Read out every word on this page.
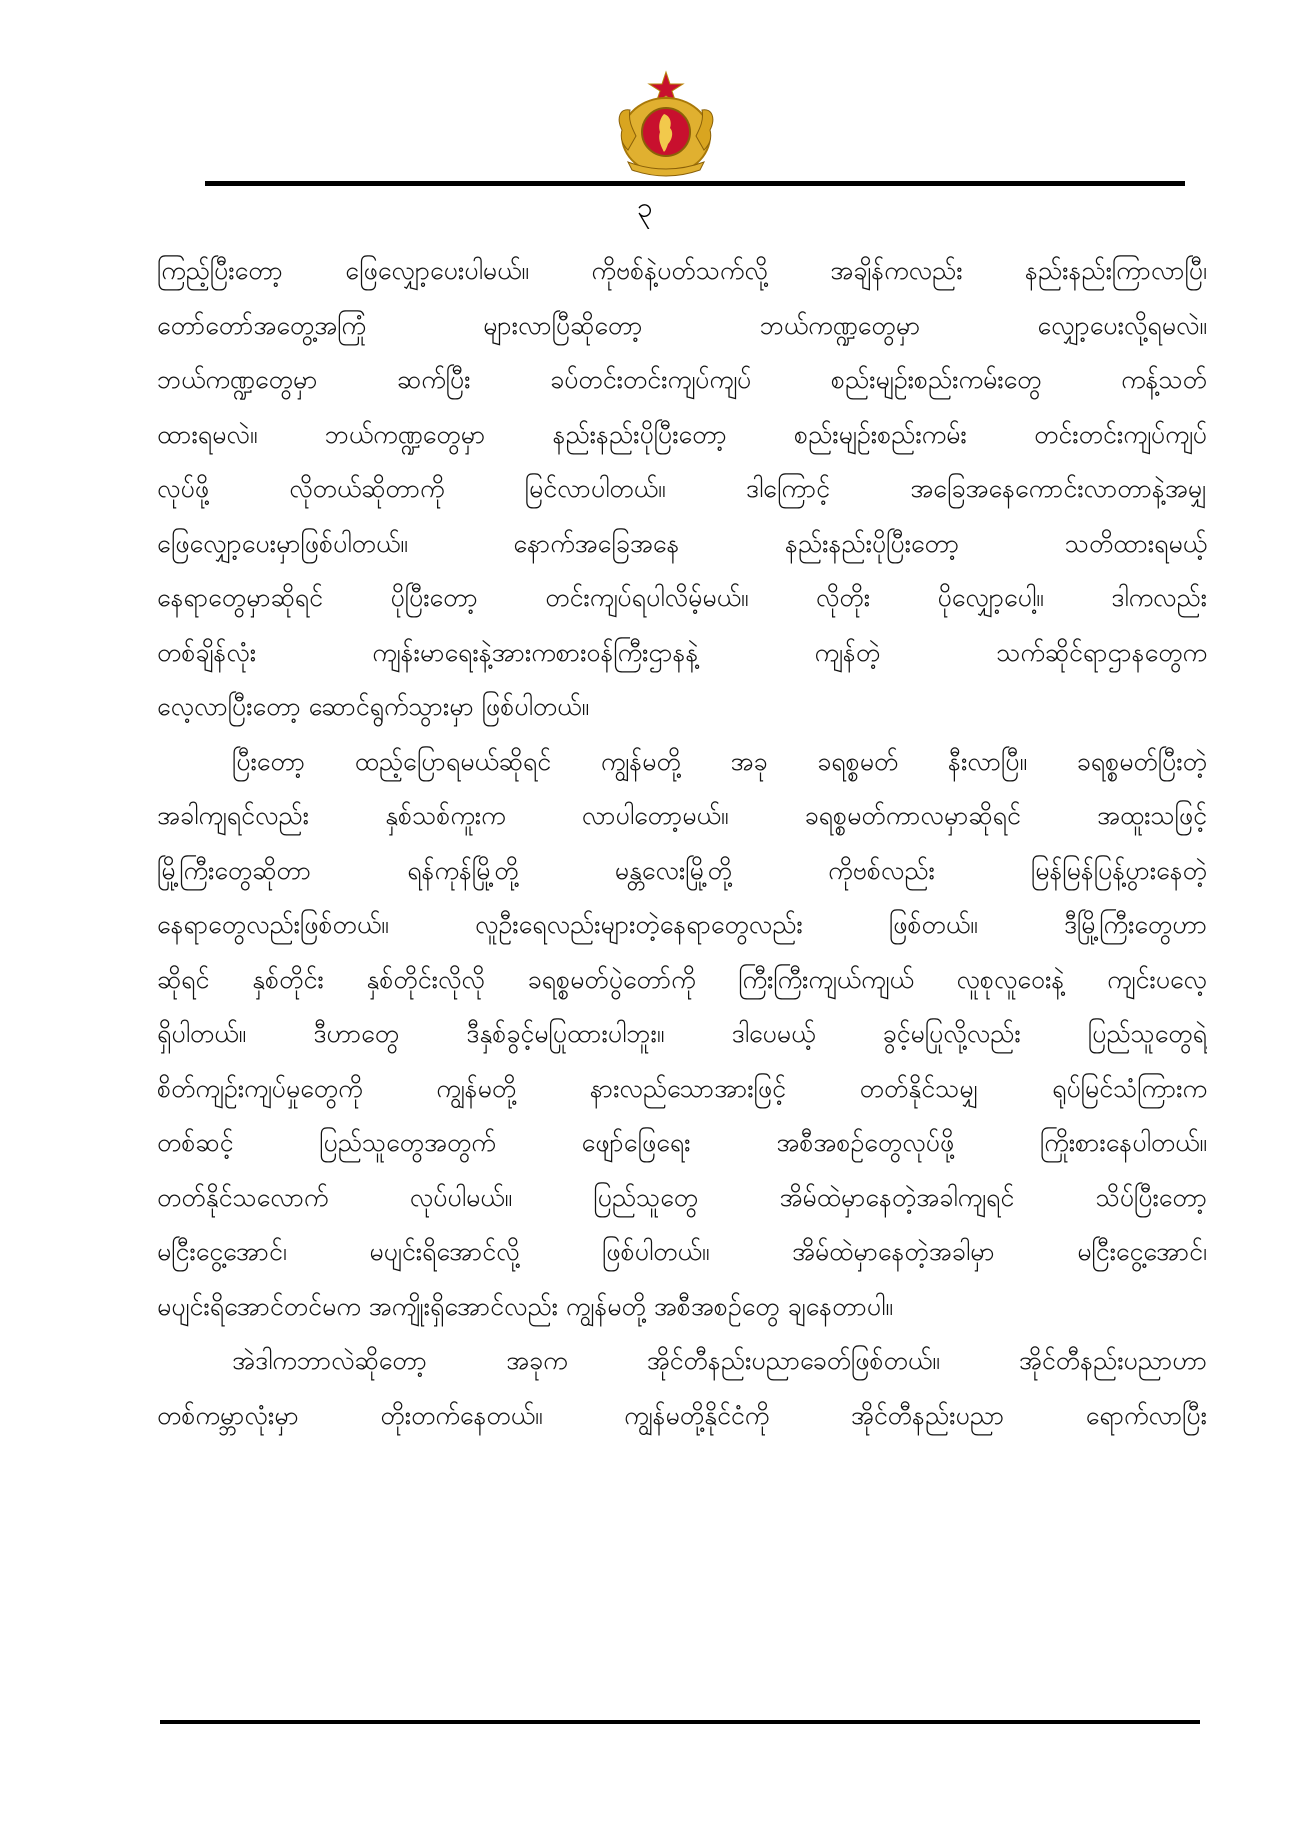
၃

ကြည့်ပြီးတော့ ဖြေလျှော့ပေးပါမယ်။ ကိုဗစ်နဲ့ပတ်သက်လို့ အချိန်ကလည်း နည်းနည်းကြာလာပြီ၊
တော်တော်အတွေ့အကြုံ များလာပြီဆိုတော့ ဘယ်ကဏ္ဍတွေမှာ လျှော့ပေးလို့ရမလဲ။
ဘယ်ကဏ္ဍတွေမှာ ဆက်ပြီး ခပ်တင်းတင်းကျပ်ကျပ် စည်းမျဉ်းစည်းကမ်းတွေ ကန့်သတ်
ထားရမလဲ။ ဘယ်ကဏ္ဍတွေမှာ နည်းနည်းပိုပြီးတော့ စည်းမျဉ်းစည်းကမ်း တင်းတင်းကျပ်ကျပ်
လုပ်ဖို့ လိုတယ်ဆိုတာကို မြင်လာပါတယ်။ ဒါကြောင့် အခြေအနေကောင်းလာတာနဲ့အမျှ
ဖြေလျှော့ပေးမှာဖြစ်ပါတယ်။ နောက်အခြေအနေ နည်းနည်းပိုပြီးတော့ သတိထားရမယ့်
နေရာတွေမှာဆိုရင် ပိုပြီးတော့ တင်းကျပ်ရပါလိမ့်မယ်။ လိုတိုး ပိုလျှော့ပေါ့။ ဒါကလည်း
တစ်ချိန်လုံး ကျန်းမာရေးနဲ့အားကစားဝန်ကြီးဌာနနဲ့ ကျန်တဲ့ သက်ဆိုင်ရာဌာနတွေက
လေ့လာပြီးတော့ ဆောင်ရွက်သွားမှာ ဖြစ်ပါတယ်။

ပြီးတော့ ထည့်ပြောရမယ်ဆိုရင် ကျွန်မတို့ အခု ခရစ္စမတ် နီးလာပြီ။ ခရစ္စမတ်ပြီးတဲ့
အခါကျရင်လည်း နှစ်သစ်ကူးက လာပါတော့မယ်။ ခရစ္စမတ်ကာလမှာဆိုရင် အထူးသဖြင့်
မြို့ကြီးတွေဆိုတာ ရန်ကုန်မြို့တို့ မန္တလေးမြို့တို့ ကိုဗစ်လည်း မြန်မြန်ပြန့်ပွားနေတဲ့
နေရာတွေလည်းဖြစ်တယ်။ လူဦးရေလည်းများတဲ့နေရာတွေလည်း ဖြစ်တယ်။ ဒီမြို့ကြီးတွေဟာ
ဆိုရင် နှစ်တိုင်း နှစ်တိုင်းလိုလို ခရစ္စမတ်ပွဲတော်ကို ကြီးကြီးကျယ်ကျယ် လူစုလူဝေးနဲ့ ကျင်းပလေ့
ရှိပါတယ်။ ဒီဟာတွေ ဒီနှစ်ခွင့်မပြုထားပါဘူး။ ဒါပေမယ့် ခွင့်မပြုလို့လည်း ပြည်သူတွေရဲ့
စိတ်ကျဉ်းကျပ်မှုတွေကို ကျွန်မတို့ နားလည်သောအားဖြင့် တတ်နိုင်သမျှ ရုပ်မြင်သံကြားက
တစ်ဆင့် ပြည်သူတွေအတွက် ဖျော်ဖြေရေး အစီအစဉ်တွေလုပ်ဖို့ ကြိုးစားနေပါတယ်။
တတ်နိုင်သလောက် လုပ်ပါမယ်။ ပြည်သူတွေ အိမ်ထဲမှာနေတဲ့အခါကျရင် သိပ်ပြီးတော့
မငြီးငွေ့အောင်၊ မပျင်းရိအောင်လို့ ဖြစ်ပါတယ်။ အိမ်ထဲမှာနေတဲ့အခါမှာ မငြီးငွေ့အောင်၊
မပျင်းရိအောင်တင်မက အကျိုးရှိအောင်လည်း ကျွန်မတို့ အစီအစဉ်တွေ ချနေတာပါ။

အဲဒါကဘာလဲဆိုတော့ အခုက အိုင်တီနည်းပညာခေတ်ဖြစ်တယ်။ အိုင်တီနည်းပညာဟာ
တစ်ကမ္ဘာလုံးမှာ တိုးတက်နေတယ်။ ကျွန်မတို့နိုင်ငံကို အိုင်တီနည်းပညာ ရောက်လာပြီး
